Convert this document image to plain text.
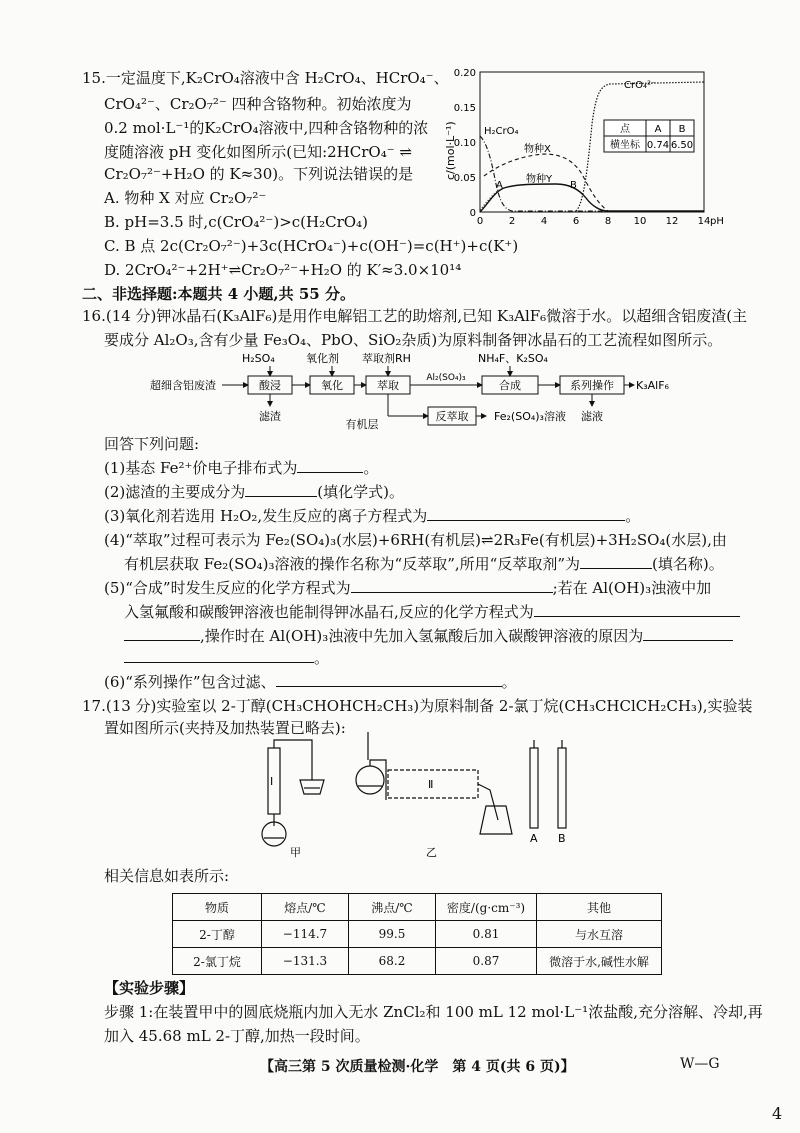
15.一定温度下,K₂CrO₄溶液中含 H₂CrO₄、HCrO₄⁻、
CrO₄²⁻、Cr₂O₇²⁻ 四种含铬物种。初始浓度为
0.2 mol·L⁻¹的K₂CrO₄溶液中,四种含铬物种的浓
度随溶液 pH 变化如图所示(已知:2HCrO₄⁻ ⇌
Cr₂O₇²⁻+H₂O 的 K≈30)。下列说法错误的是
A. 物种 X 对应 Cr₂O₇²⁻
B. pH=3.5 时,c(CrO₄²⁻)>c(H₂CrO₄)
C. B 点 2c(Cr₂O₇²⁻)+3c(HCrO₄⁻)+c(OH⁻)=c(H⁺)+c(K⁺)
D. 2CrO₄²⁻+2H⁺⇌Cr₂O₇²⁻+H₂O 的 K′≈3.0×10¹⁴
c/(mol·L⁻¹)
0.20
0.15
0.10
0.05
0
0	2	4	6	8 10 12 14 pH
H₂CrO₄
物种X
物种Y
A	B
CrO₄²⁻
点 A B
横坐标 0.74 6.50
二、非选择题:本题共 4 小题,共 55 分。
16.(14 分)钾冰晶石(K₃AlF₆)是用作电解铝工艺的助熔剂,已知 K₃AlF₆微溶于水。以超细含铝废渣(主
要成分 Al₂O₃,含有少量 Fe₃O₄、PbO、SiO₂杂质)为原料制备钾冰晶石的工艺流程如图所示。
H₂SO₄	氧化剂 萃取剂RH	NH₄F、K₂SO₄
超细含铝废渣	酸浸	氧化	萃取	合成	系列操作
反萃取
Al₂(SO₄)₃
滤渣
有机层
Fe₂(SO₄)₃溶液 滤液
K₃AlF₆
回答下列问题:
(1)基态 Fe²⁺价电子排布式为	。
(2)滤渣的主要成分为	(填化学式)。
(3)氧化剂若选用 H₂O₂,发生反应的离子方程式为	。
(4)“萃取”过程可表示为 Fe₂(SO₄)₃(水层)+6RH(有机层)⇌2R₃Fe(有机层)+3H₂SO₄(水层),由
有机层获取 Fe₂(SO₄)₃溶液的操作名称为“反萃取”,所用“反萃取剂”为	(填名称)。
(5)“合成”时发生反应的化学方程式为	;若在 Al(OH)₃浊液中加
入氢氟酸和碳酸钾溶液也能制得钾冰晶石,反应的化学方程式为
,操作时在 Al(OH)₃浊液中先加入氢氟酸后加入碳酸钾溶液的原因为
。
(6)“系列操作”包含过滤、	。
17.(13 分)实验室以 2-丁醇(CH₃CHOHCH₂CH₃)为原料制备 2-氯丁烷(CH₃CHClCH₂CH₃),实验装
置如图所示(夹持及加热装置已略去):
I	Ⅱ
甲	乙
A B
相关信息如表所示:
物质	熔点/℃	沸点/℃	密度/(g·cm⁻³)	其他
2-丁醇	−114.7	99.5	0.81	与水互溶
2-氯丁烷	−131.3	68.2	0.87	微溶于水,碱性水解
【实验步骤】
步骤 1:在装置甲中的圆底烧瓶内加入无水 ZnCl₂和 100 mL 12 mol·L⁻¹浓盐酸,充分溶解、冷却,再
加入 45.68 mL 2-丁醇,加热一段时间。
【高三第 5 次质量检测·化学　第 4 页(共 6 页)】	W—G
4
